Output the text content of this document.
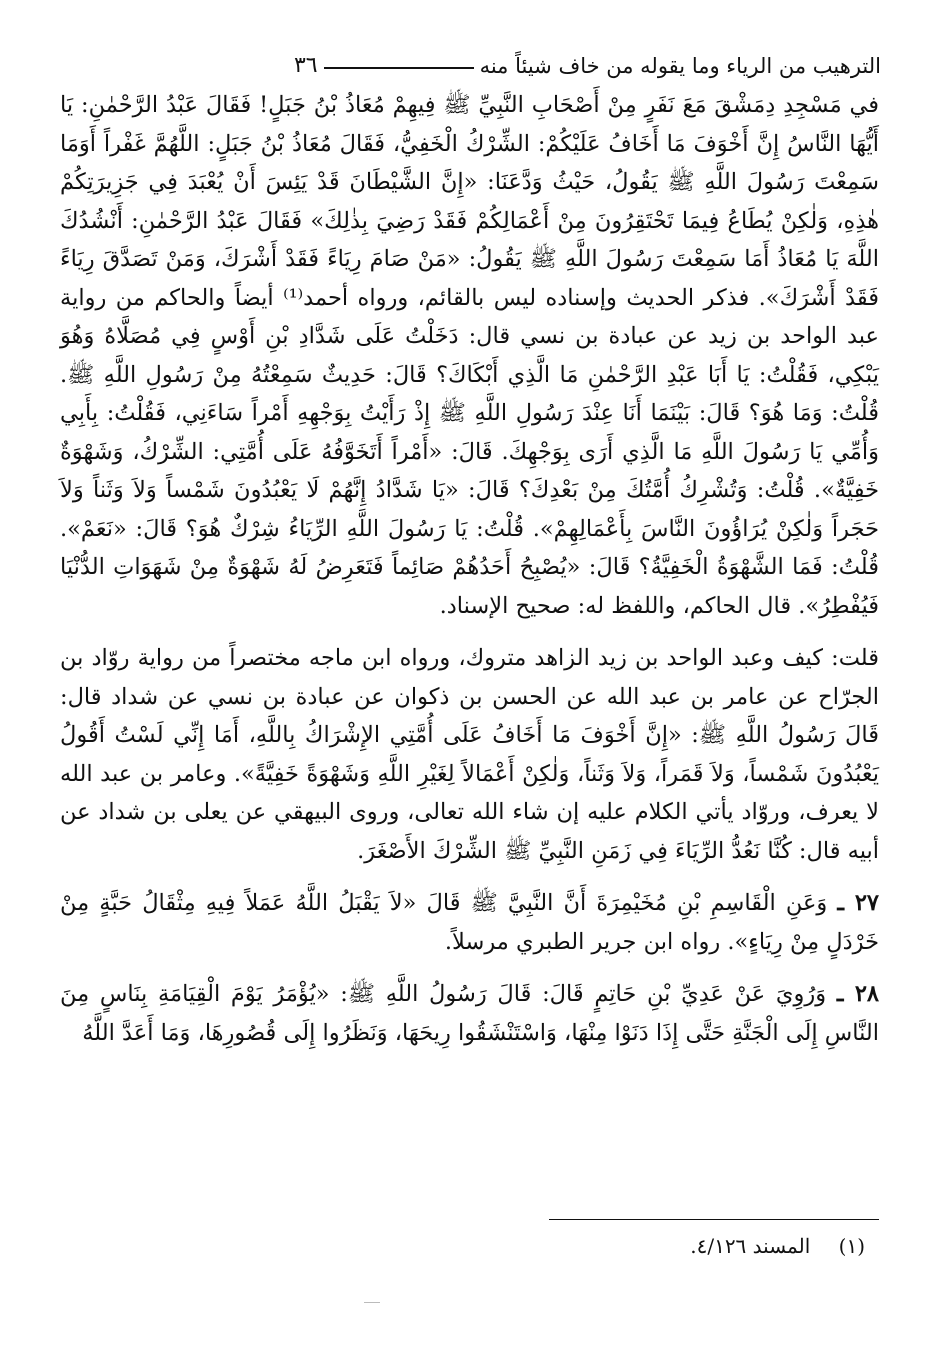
الترهيب من الرياء وما يقوله من خاف شيئاً منه
٣٦

في مَسْجِدِ دِمَشْقَ مَعَ نَفَرٍ مِنْ أَصْحَابِ النَّبِيِّ ﷺ فِيهِمْ مُعَاذُ بْنُ جَبَلٍ! فَقَالَ عَبْدُ الرَّحْمٰنِ: يَا أَيُّهَا النَّاسُ إِنَّ أَخْوَفَ مَا أَخَافُ عَلَيْكُمْ: الشِّرْكُ الْخَفِيُّ، فَقَالَ مُعَاذُ بْنُ جَبَلٍ: اللَّهُمَّ غَفْراً أَوَمَا سَمِعْتَ رَسُولَ اللَّهِ ﷺ يَقُولُ، حَيْثُ وَدَّعَنَا: «إِنَّ الشَّيْطَانَ قَدْ يَئِسَ أَنْ يُعْبَدَ فِي جَزِيرَتِكُمْ هٰذِهِ، وَلٰكِنْ يُطَاعُ فِيمَا تَحْتَقِرُونَ مِنْ أَعْمَالِكُمْ فَقَدْ رَضِيَ بِذٰلِكَ» فَقَالَ عَبْدُ الرَّحْمٰنِ: أَنْشُدُكَ اللَّهَ يَا مُعَاذُ أَمَا سَمِعْتَ رَسُولَ اللَّهِ ﷺ يَقُولُ: «مَنْ صَامَ رِيَاءً فَقَدْ أَشْرَكَ، وَمَنْ تَصَدَّقَ رِيَاءً فَقَدْ أَشْرَكَ». فذكر الحديث وإسناده ليس بالقائم، ورواه أحمد⁽¹⁾ أيضاً والحاكم من رواية عبد الواحد بن زيد عن عبادة بن نسي قال: دَخَلْتُ عَلَى شَدَّادِ بْنِ أَوْسٍ فِي مُصَلَّاهُ وَهُوَ يَبْكِي، فَقُلْتُ: يَا أَبَا عَبْدِ الرَّحْمٰنِ مَا الَّذِي أَبْكَاكَ؟ قَالَ: حَدِيثٌ سَمِعْتُهُ مِنْ رَسُولِ اللَّهِ ﷺ. قُلْتُ: وَمَا هُوَ؟ قَالَ: بَيْنَمَا أَنَا عِنْدَ رَسُولِ اللَّهِ ﷺ إِذْ رَأَيْتُ بِوَجْهِهِ أَمْراً سَاءَنِي، فَقُلْتُ: بِأَبِي وَأُمِّي يَا رَسُولَ اللَّهِ مَا الَّذِي أَرَى بِوَجْهِكَ. قَالَ: «أَمْراً أَتَخَوَّفُهُ عَلَى أُمَّتِي: الشِّرْكُ، وَشَهْوَةٌ خَفِيَّةٌ». قُلْتُ: وَتُشْرِكُ أُمَّتُكَ مِنْ بَعْدِكَ؟ قَالَ: «يَا شَدَّادُ إِنَّهُمْ لَا يَعْبُدُونَ شَمْساً وَلاَ وَثَناً وَلاَ حَجَراً وَلٰكِنْ يُرَاؤُونَ النَّاسَ بِأَعْمَالِهِمْ». قُلْتُ: يَا رَسُولَ اللَّهِ الرِّيَاءُ شِرْكٌ هُوَ؟ قَالَ: «نَعَمْ». قُلْتُ: فَمَا الشَّهْوَةُ الْخَفِيَّةُ؟ قَالَ: «يُصْبِحُ أَحَدُهُمْ صَائِماً فَتَعَرِضُ لَهُ شَهْوَةٌ مِنْ شَهَوَاتِ الدُّنْيَا فَيُفْطِرُ». قال الحاكم، واللفظ له: صحيح الإسناد.

قلت: كيف وعبد الواحد بن زيد الزاهد متروك، ورواه ابن ماجه مختصراً من رواية روّاد بن الجرّاح عن عامر بن عبد الله عن الحسن بن ذكوان عن عبادة بن نسي عن شداد قال: قَالَ رَسُولُ اللَّهِ ﷺ: «إِنَّ أَخْوَفَ مَا أَخَافُ عَلَى أُمَّتِي الإِشْرَاكُ بِاللَّهِ، أَمَا إِنِّي لَسْتُ أَقُولُ يَعْبُدُونَ شَمْساً، وَلاَ قَمَراً، وَلاَ وَثَناً، وَلٰكِنْ أَعْمَالاً لِغَيْرِ اللَّهِ وَشَهْوَةً خَفِيَّةً». وعامر بن عبد الله لا يعرف، وروّاد يأتي الكلام عليه إن شاء الله تعالى، وروى البيهقي عن يعلى بن شداد عن أبيه قال: كُنَّا نَعُدُّ الرِّيَاءَ فِي زَمَنِ النَّبِيِّ ﷺ الشِّرْكَ الأَصْغَرَ.

٢٧ ـ وَعَنِ الْقَاسِمِ بْنِ مُخَيْمِرَةَ أَنَّ النَّبِيَّ ﷺ قَالَ «لاَ يَقْبَلُ اللَّهُ عَمَلاً فِيهِ مِثْقَالُ حَبَّةٍ مِنْ خَرْدَلٍ مِنْ رِيَاءٍ». رواه ابن جرير الطبري مرسلاً.

٢٨ ـ وَرُوِيَ عَنْ عَدِيِّ بْنِ حَاتِمٍ قَالَ: قَالَ رَسُولُ اللَّهِ ﷺ: «يُؤْمَرُ يَوْمَ الْقِيَامَةِ بِنَاسٍ مِنَ النَّاسِ إِلَى الْجَنَّةِ حَتَّى إِذَا دَنَوْا مِنْهَا، وَاسْتَنْشَقُوا رِيحَهَا، وَنَظَرُوا إِلَى قُصُورِهَا، وَمَا أَعَدَّ اللَّهُ

(١) المسند ٤/١٢٦.
